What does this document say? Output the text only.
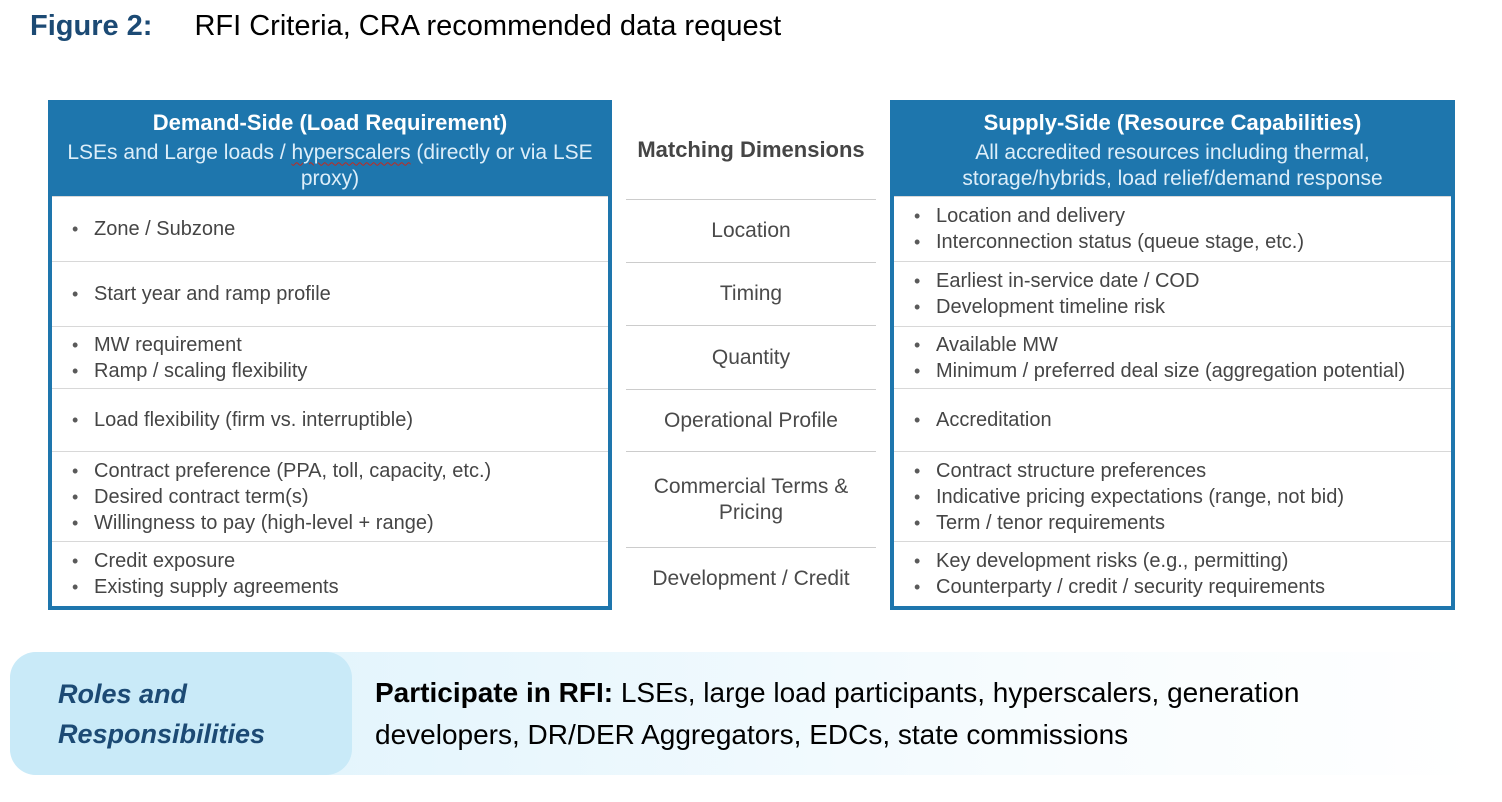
Figure 2: RFI Criteria, CRA recommended data request
Demand-Side (Load Requirement)
LSEs and Large loads / hyperscalers (directly or via LSE proxy)
• Zone / Subzone
• Start year and ramp profile
• MW requirement
• Ramp / scaling flexibility
• Load flexibility (firm vs. interruptible)
• Contract preference (PPA, toll, capacity, etc.)
• Desired contract term(s)
• Willingness to pay (high-level + range)
• Credit exposure
• Existing supply agreements
Matching Dimensions
Location
Timing
Quantity
Operational Profile
Commercial Terms & Pricing
Development / Credit
Supply-Side (Resource Capabilities)
All accredited resources including thermal, storage/hybrids, load relief/demand response
• Location and delivery
• Interconnection status (queue stage, etc.)
• Earliest in-service date / COD
• Development timeline risk
• Available MW
• Minimum / preferred deal size (aggregation potential)
• Accreditation
• Contract structure preferences
• Indicative pricing expectations (range, not bid)
• Term / tenor requirements
• Key development risks (e.g., permitting)
• Counterparty / credit / security requirements
Roles and
Responsibilities
Participate in RFI: LSEs, large load participants, hyperscalers, generation developers, DR/DER Aggregators, EDCs, state commissions
